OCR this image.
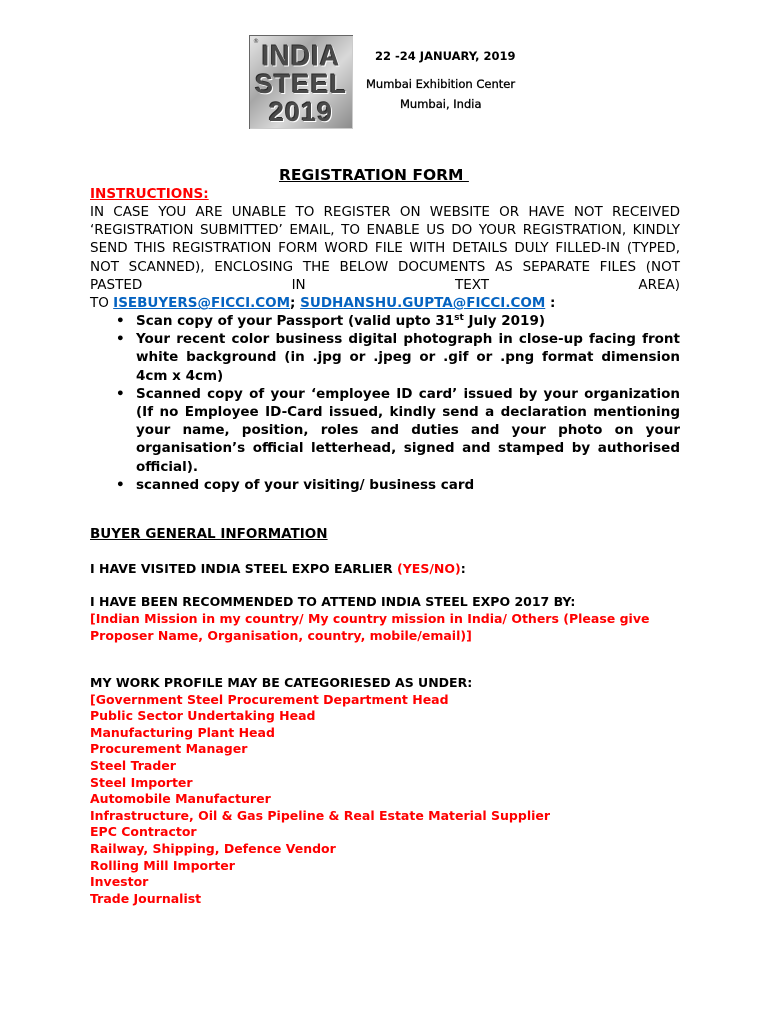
® INDIA
STEEL
2019
22 -24 JANUARY, 2019
Mumbai Exhibition Center
Mumbai, India
REGISTRATION FORM
INSTRUCTIONS:
IN CASE YOU ARE UNABLE TO REGISTER ON WEBSITE OR HAVE NOT RECEIVED ‘REGISTRATION SUBMITTED’ EMAIL, TO ENABLE US DO YOUR REGISTRATION, KINDLY SEND THIS REGISTRATION FORM WORD FILE WITH DETAILS DULY FILLED-IN (TYPED, NOT SCANNED), ENCLOSING THE BELOW DOCUMENTS AS SEPARATE FILES (NOT PASTED IN TEXT AREA)
TO ISEBUYERS@FICCI.COM; SUDHANSHU.GUPTA@FICCI.COM :
• Scan copy of your Passport (valid upto 31st July 2019)
• Your recent color business digital photograph in close-up facing front white background (in .jpg or .jpeg or .gif or .png format dimension 4cm x 4cm)
• Scanned copy of your ‘employee ID card’ issued by your organization (If no Employee ID-Card issued, kindly send a declaration mentioning your name, position, roles and duties and your photo on your organisation’s official letterhead, signed and stamped by authorised official).
• scanned copy of your visiting/ business card
BUYER GENERAL INFORMATION
I HAVE VISITED INDIA STEEL EXPO EARLIER (YES/NO):
I HAVE BEEN RECOMMENDED TO ATTEND INDIA STEEL EXPO 2017 BY:
[Indian Mission in my country/ My country mission in India/ Others (Please give Proposer Name, Organisation, country, mobile/email)]
MY WORK PROFILE MAY BE CATEGORIESED AS UNDER:
[Government Steel Procurement Department Head
Public Sector Undertaking Head
Manufacturing Plant Head
Procurement Manager
Steel Trader
Steel Importer
Automobile Manufacturer
Infrastructure, Oil & Gas Pipeline & Real Estate Material Supplier
EPC Contractor
Railway, Shipping, Defence Vendor
Rolling Mill Importer
Investor
Trade Journalist
